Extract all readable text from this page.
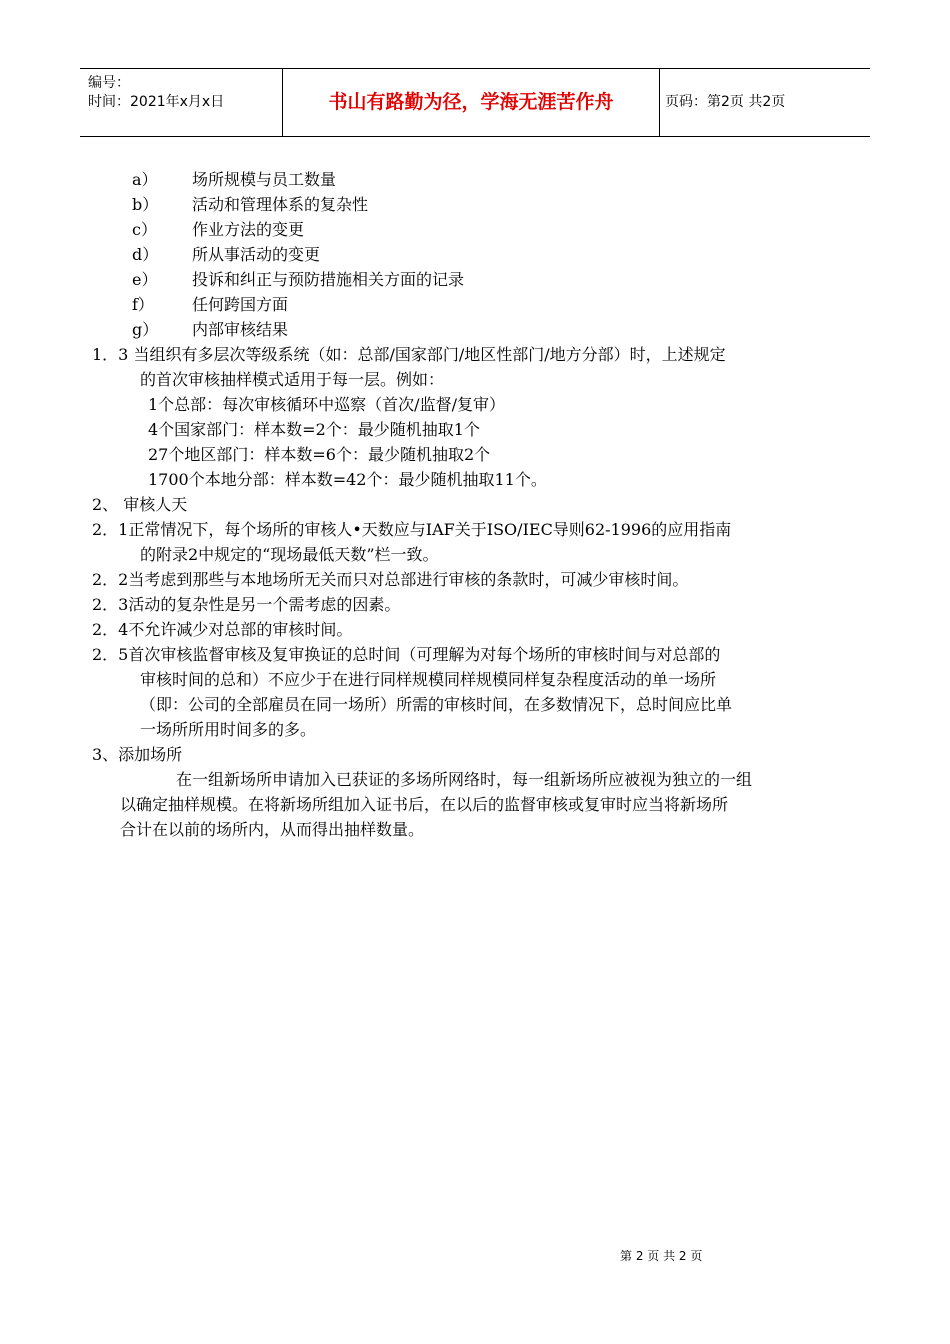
编号：
时间：2021年x月x日	书山有路勤为径，学海无涯苦作舟	页码：第2页 共2页
a） 场所规模与员工数量
b） 活动和管理体系的复杂性
c） 作业方法的变更
d） 所从事活动的变更
e） 投诉和纠正与预防措施相关方面的记录
f） 任何跨国方面
g） 内部审核结果
1．3 当组织有多层次等级系统（如：总部/国家部门/地区性部门/地方分部）时，上述规定
的首次审核抽样模式适用于每一层。例如：
1个总部：每次审核循环中巡察（首次/监督/复审）
4个国家部门：样本数=2个：最少随机抽取1个
27个地区部门：样本数=6个：最少随机抽取2个
1700个本地分部：样本数=42个：最少随机抽取11个。
2、 审核人天
2．1正常情况下，每个场所的审核人•天数应与IAF关于ISO/IEC导则62-1996的应用指南
的附录2中规定的“现场最低天数”栏一致。
2．2当考虑到那些与本地场所无关而只对总部进行审核的条款时，可减少审核时间。
2．3活动的复杂性是另一个需考虑的因素。
2．4不允许减少对总部的审核时间。
2．5首次审核监督审核及复审换证的总时间（可理解为对每个场所的审核时间与对总部的
审核时间的总和）不应少于在进行同样规模同样规模同样复杂程度活动的单一场所
（即：公司的全部雇员在同一场所）所需的审核时间，在多数情况下，总时间应比单
一场所所用时间多的多。
3、添加场所
在一组新场所申请加入已获证的多场所网络时，每一组新场所应被视为独立的一组
以确定抽样规模。在将新场所组加入证书后，在以后的监督审核或复审时应当将新场所
合计在以前的场所内，从而得出抽样数量。
第 2 页 共 2 页
